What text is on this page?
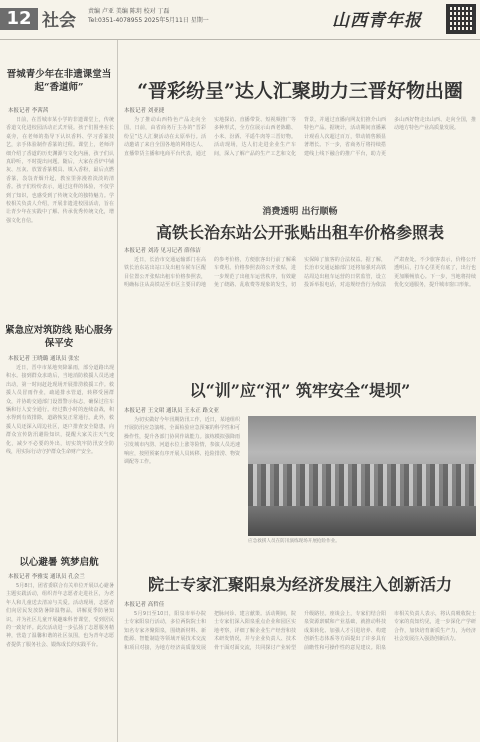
12 社会 责编 卢亚 美编 陈玥 校对 丁磊
Tel:0351-4078955 2025年5月11日 星期一	山西青年报
晋城青少年在非遗课堂当起“香道师”
本报记者 李茜茜
日前，在晋城市某小学的非遗课堂上，传统香道文化进校园活动正式开展。孩子们围坐在长桌旁，在老师的指导下认识香料、学习香篆技艺，亲手体验制作香篆的过程。课堂上，老师详细介绍了香道的历史渊源与文化内涵，孩子们认真聆听，不时提出问题。随后，大家在香炉中铺灰、压灰、放置香篆模具、填入香粉，最后点燃香篆，袅袅青烟升起，教室里弥漫着淡淡的清香。孩子们纷纷表示，通过这样的体验，不仅学到了知识，也感受到了传统文化的独特魅力。学校相关负责人介绍，开展非遗进校园活动，旨在让青少年在实践中了解、传承优秀传统文化，增强文化自信。
紧急应对筑防线 贴心服务保平安
本报记者 王晓璐 通讯员 张宏
近日，晋中市某地突降暴雨，部分道路出现积水。接到群众求助后，当地消防救援人员迅速出动，第一时间赶赴现场开展排涝救援工作。救援人员冒雨作业，疏通排水管道，转移受困群众，并协助交通部门设置警示标志，确保过往车辆和行人安全通行。经过数小时的连续奋战，积水得到有效排除，道路恢复正常通行。此外，救援人员还深入周边社区，逐户排查安全隐患，向群众宣传防汛避险知识，提醒大家关注天气变化，减少不必要的外出，切实筑牢防汛安全防线，用实际行动守护群众生命财产安全。
以心避暑 筑梦启航
本报记者 李雅雯 通讯员 孔会兰
5月8日，团省委联合有关单位开展以心避暑主题实践活动，组织青年志愿者走进社区，为老年人和儿童送去清凉与关爱。活动现场，志愿者们向居民发放防暑降温物品，讲解夏季防暑知识，并为社区儿童开展趣味科普课堂，受到居民的一致好评。此次活动进一步弘扬了志愿服务精神，营造了温馨和谐的社区氛围，也为青年志愿者提供了服务社会、锻炼成长的实践平台。
“晋彩纷呈”达人汇聚助力三晋好物出圈
本报记者 刘亚捷
为了推动山西特色产品走向全国，日前，由省商务厅主办的“晋彩纷呈”达人汇聚活动在太原举行。活动邀请了来自全国各地的网络达人、直播带货主播和电商平台代表，通过实地探访、直播带货、短视频推广等多种形式，全方位展示山西老陈醋、小米、汾酒、平遥牛肉等三晋好物。活动现场，达人们走进企业生产车间，深入了解产品的生产工艺和文化背景，并通过直播向网友们推介山西特色产品。据统计，活动期间直播累计观看人次超过百万，带动销售额显著增长。下一步，省商务厅将持续搭建线上线下融合的推广平台，助力更多山西好物走出山西、走向全国，推动地方特色产业高质量发展。
消费透明 出行顺畅
高铁长治东站公开张贴出租车价格参照表
本报记者 刘涛 见习记者 薛伟洁
近日，长治市交通运输部门在高铁长治东站出站口及出租车候车区醒目位置公开张贴出租车价格参照表，明确标注从高铁站至市区主要目的地的参考价格，方便旅客出行前了解乘车费用。价格参照表的公开张贴，进一步规范了出租车运营秩序，有效避免了绕路、乱收费等现象的发生，切实保障了旅客的合法权益。据了解，长治市交通运输部门还将加强对高铁站周边出租车运营的日常监管，设立投诉举报电话，对违规经营行为依法严肃查处。不少旅客表示，价格公开透明后，打车心里更有底了，出行也更加顺畅放心。下一步，当地将持续优化交通服务，提升城市窗口形象。
以“训”应“汛” 筑牢安全“堤坝”
本报记者 王文珺 通讯员 王永正 路文亚
为切实做好今年汛期防汛工作，近日，某地组织开展防汛应急演练，全面检验应急预案的科学性和可操作性，提升各部门协同作战能力。演练模拟强降雨引发城市内涝、河道水位上涨等险情，参演人员迅速响应，按照预案有序开展人员转移、抢险排涝、物资调配等工作。
应急救援人员在防汛演练现场开展抢险作业。
院士专家汇聚阳泉为经济发展注入创新活力
本报记者 高哲佳
5月9日至10日，阳泉市举办院士专家阳泉行活动，多位两院院士和知名专家齐聚阳泉，围绕新材料、新能源、智能制造等领域开展技术交流和项目对接，为地方经济高质量发展把脉问诊、建言献策。活动期间，院士专家们深入阳泉重点企业和园区实地考察，详细了解企业生产经营和技术研发情况，并与企业负责人、技术骨干面对面交流，共同探讨产业转型升级路径。座谈会上，专家们结合阳泉资源禀赋和产业基础，就推动科技成果转化、加强人才引进培养、构建创新生态体系等方面提出了许多具有前瞻性和可操作性的意见建议。阳泉市相关负责人表示，将认真吸收院士专家的真知灼见，进一步深化产学研合作，加快培育新质生产力，为经济社会发展注入强劲创新活力。
